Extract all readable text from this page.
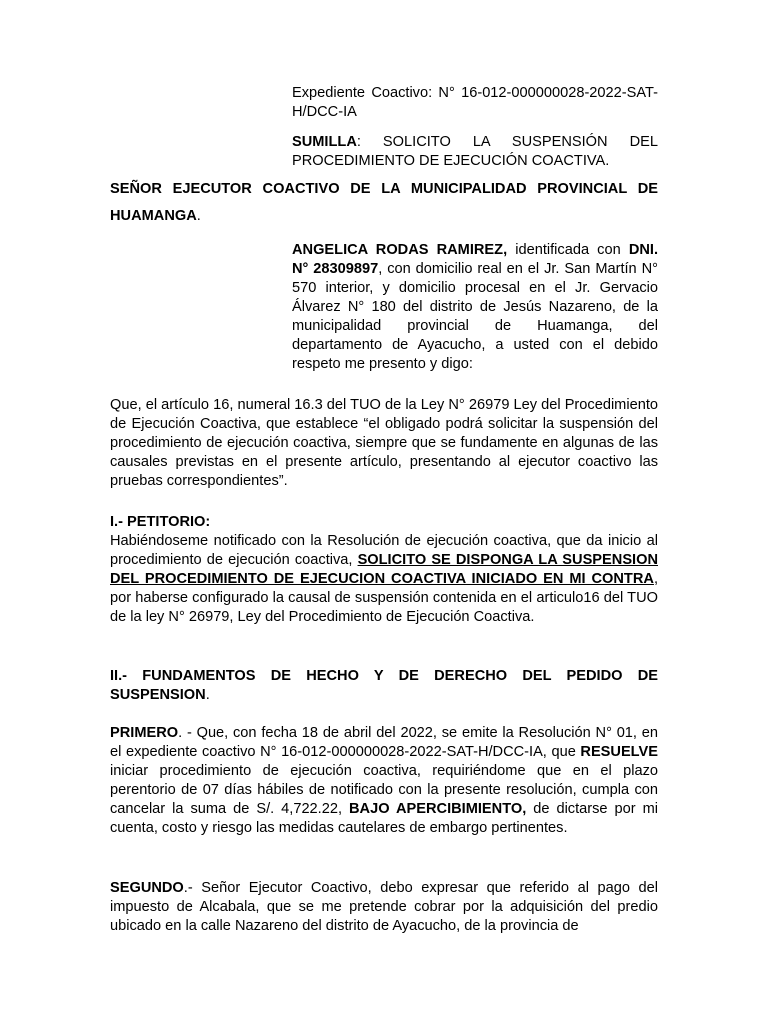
Expediente Coactivo: N° 16-012-000000028-2022-SAT-H/DCC-IA

SUMILLA: SOLICITO LA SUSPENSIÓN DEL PROCEDIMIENTO DE EJECUCIÓN COACTIVA.

SEÑOR EJECUTOR COACTIVO DE LA MUNICIPALIDAD PROVINCIAL DE HUAMANGA.

ANGELICA RODAS RAMIREZ, identificada con DNI. N° 28309897, con domicilio real en el Jr. San Martín N° 570 interior, y domicilio procesal en el Jr. Gervacio Álvarez N° 180 del distrito de Jesús Nazareno, de la municipalidad provincial de Huamanga, del departamento de Ayacucho, a usted con el debido respeto me presento y digo:

Que, el artículo 16, numeral 16.3 del TUO de la Ley N° 26979 Ley del Procedimiento de Ejecución Coactiva, que establece “el obligado podrá solicitar la suspensión del procedimiento de ejecución coactiva, siempre que se fundamente en algunas de las causales previstas en el presente artículo, presentando al ejecutor coactivo las pruebas correspondientes”.

I.- PETITORIO:

Habiéndoseme notificado con la Resolución de ejecución coactiva, que da inicio al procedimiento de ejecución coactiva, SOLICITO SE DISPONGA LA SUSPENSION DEL PROCEDIMIENTO DE EJECUCION COACTIVA INICIADO EN MI CONTRA, por haberse configurado la causal de suspensión contenida en el articulo16 del TUO de la ley N° 26979, Ley del Procedimiento de Ejecución Coactiva.

II.- FUNDAMENTOS DE HECHO Y DE DERECHO DEL PEDIDO DE SUSPENSION.

PRIMERO. - Que, con fecha 18 de abril del 2022, se emite la Resolución N° 01, en el expediente coactivo N° 16-012-000000028-2022-SAT-H/DCC-IA, que RESUELVE iniciar procedimiento de ejecución coactiva, requiriéndome que en el plazo perentorio de 07 días hábiles de notificado con la presente resolución, cumpla con cancelar la suma de S/. 4,722.22, BAJO APERCIBIMIENTO, de dictarse por mi cuenta, costo y riesgo las medidas cautelares de embargo pertinentes.

SEGUNDO.- Señor Ejecutor Coactivo, debo expresar que referido al pago del impuesto de Alcabala, que se me pretende cobrar por la adquisición del predio ubicado en la calle Nazareno del distrito de Ayacucho, de la provincia de
